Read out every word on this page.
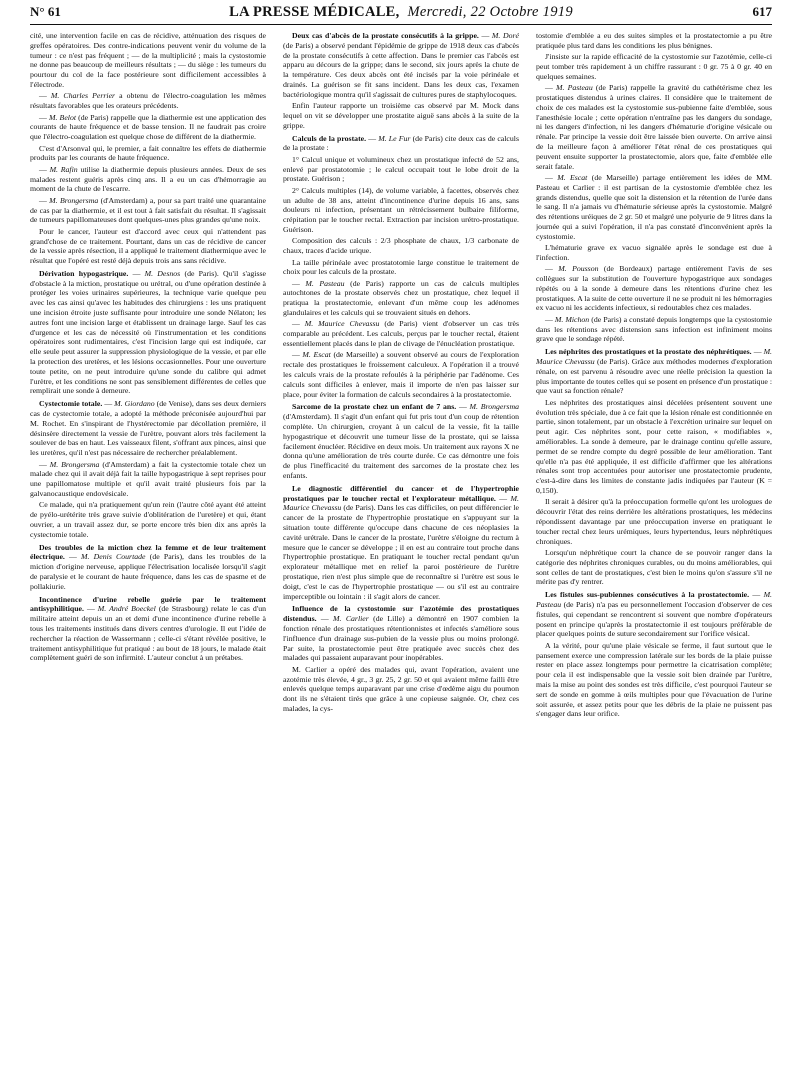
N° 61	LA PRESSE MÉDICALE, Mercredi, 22 Octobre 1919	617

cité, une intervention facile en cas de récidive, atténuation des risques de greffes opératoires. Des contre-indications peuvent venir du volume de la tumeur : ce n'est pas fréquent ; — de la multiplicité ; mais la cystostomie ne donne pas beaucoup de meilleurs résultats ; — du siège : les tumeurs du pourtour du col de la face postérieure sont difficilement accessibles à l'électrode.

— M. Charles Perrier a obtenu de l'électro-coagulation les mêmes résultats favorables que les orateurs précédents.

— M. Belot (de Paris) rappelle que la diathermie est une application des courants de haute fréquence et de basse tension. Il ne faudrait pas croire que l'électro-coagulation est quelque chose de différent de la diathermie.

C'est d'Arsonval qui, le premier, a fait connaître les effets de diathermie produits par les courants de haute fréquence.

— M. Rafin utilise la diathermie depuis plusieurs années. Deux de ses malades restent guéris après cinq ans. Il a eu un cas d'hémorragie au moment de la chute de l'escarre.

— M. Brongersma (d'Amsterdam) a, pour sa part traité une quarantaine de cas par la diathermie, et il est tout à fait satisfait du résultat. Il s'agissait de tumeurs papillomateuses dont quelques-unes plus grandes qu'une noix.

Pour le cancer, l'auteur est d'accord avec ceux qui n'attendent pas grand'chose de ce traitement. Pourtant, dans un cas de récidive de cancer de la vessie après résection, il a appliqué le traitement diathermique avec le résultat que l'opéré est resté déjà depuis trois ans sans récidive.

Dérivation hypogastrique. — M. Desnos (de Paris). Qu'il s'agisse d'obstacle à la miction, prostatique ou urétral, ou d'une opération destinée à protéger les voies urinaires supérieures, la technique varie quelque peu avec les cas ainsi qu'avec les habitudes des chirurgiens : les uns pratiquent une incision étroite juste suffisante pour introduire une sonde Nélaton; les autres font une incision large et établissent un drainage large. Sauf les cas d'urgence et les cas de nécessité où l'instrumentation et les conditions opératoires sont rudimentaires, c'est l'incision large qui est indiquée, car elle seule peut assurer la suppression physiologique de la vessie, et par elle la protection des uretères, et les lésions occasionnelles. Pour une ouverture toute petite, on ne peut introduire qu'une sonde du calibre qui admet l'urètre, et les conditions ne sont pas sensiblement différentes de celles que remplirait une sonde à demeure.

Cystectomie totale. — M. Giordano (de Venise), dans ses deux derniers cas de cystectomie totale, a adopté la méthode préconisée aujourd'hui par M. Rochet. En s'inspirant de l'hystérectomie par décollation première, il désinsère directement la vessie de l'urètre, pouvant alors très facilement la soulever de bas en haut. Les vaisseaux filent, s'offrant aux pinces, ainsi que les uretères, qu'il n'est pas nécessaire de rechercher préalablement.

— M. Brongersma (d'Amsterdam) a fait la cystectomie totale chez un malade chez qui il avait déjà fait la taille hypogastrique à sept reprises pour une papillomatose multiple et qu'il avait traité plusieurs fois par la galvanocaustique endovésicale.

Ce malade, qui n'a pratiquement qu'un rein (l'autre côté ayant été atteint de pyélo-urétérite très grave suivie d'oblitération de l'uretère) et qui, étant ouvrier, a un travail assez dur, se porte encore très bien dix ans après la cystectomie totale.

Des troubles de la miction chez la femme et de leur traitement électrique. — M. Denis Courtade (de Paris), dans les troubles de la miction d'origine nerveuse, applique l'électrisation localisée lorsqu'il s'agit de paralysie et le courant de haute fréquence, dans les cas de spasme et de pollakiurie.

Incontinence d'urine rebelle guérie par le traitement antisyphilitique. — M. André Boeckel (de Strasbourg) relate le cas d'un militaire atteint depuis un an et demi d'une incontinence d'urine rebelle à tous les traitements institués dans divers centres d'urologie. Il eut l'idée de rechercher la réaction de Wassermann ; celle-ci s'étant révélée positive, le traitement antisyphilitique fut pratiqué : au bout de 18 jours, le malade était complètement guéri de son infirmité. L'auteur conclut à un prétabes.

Deux cas d'abcès de la prostate consécutifs à la grippe. — M. Doré (de Paris) a observé pendant l'épidémie de grippe de 1918 deux cas d'abcès de la prostate consécutifs à cette affection. Dans le premier cas l'abcès est apparu au décours de la grippe; dans le second, six jours après la chute de la température. Ces deux abcès ont été incisés par la voie périnéale et drainés. La guérison se fit sans incident. Dans les deux cas, l'examen bactériologique montra qu'il s'agissait de cultures pures de staphylocoques.

Enfin l'auteur rapporte un troisième cas observé par M. Mock dans lequel on vit se développer une prostatite aiguë sans abcès à la suite de la grippe.

Calculs de la prostate. — M. Le Fur (de Paris) cite deux cas de calculs de la prostate :

1° Calcul unique et volumineux chez un prostatique infecté de 52 ans, enlevé par prostatotomie ; le calcul occupait tout le lobe droit de la prostate. Guérison ;

2° Calculs multiples (14), de volume variable, à facettes, observés chez un adulte de 38 ans, atteint d'incontinence d'urine depuis 16 ans, sans douleurs ni infection, présentant un rétrécissement bulbaire filiforme, crépitation par le toucher rectal. Extraction par incision urétro-prostatique. Guérison.

Composition des calculs : 2/3 phosphate de chaux, 1/3 carbonate de chaux, traces d'acide urique.

La taille périnéale avec prostatotomie large constitue le traitement de choix pour les calculs de la prostate.

— M. Pasteau (de Paris) rapporte un cas de calculs multiples autochtones de la prostate observés chez un prostatique, chez lequel il pratiqua la prostatectomie, enlevant d'un même coup les adénomes glandulaires et les calculs qui se trouvaient situés en dehors.

— M. Maurice Chevassu (de Paris) vient d'observer un cas très comparable au précédent. Les calculs, perçus par le toucher rectal, étaient essentiellement placés dans le plan de clivage de l'énucléation prostatique.

— M. Escat (de Marseille) a souvent observé au cours de l'exploration rectale des prostatiques le froissement calculeux. A l'opération il a trouvé les calculs vrais de la prostate refoulés à la périphérie par l'adénome. Ces calculs sont difficiles à enlever, mais il importe de n'en pas laisser sur place, pour éviter la formation de calculs secondaires à la prostatectomie.

Sarcome de la prostate chez un enfant de 7 ans. — M. Brongersma (d'Amsterdam). Il s'agit d'un enfant qui fut pris tout d'un coup de rétention complète. Un chirurgien, croyant à un calcul de la vessie, fit la taille hypogastrique et découvrit une tumeur lisse de la prostate, qui se laissa facilement énucléer. Récidive en deux mois. Un traitement aux rayons X ne donna qu'une amélioration de très courte durée. Ce cas démontre une fois de plus l'inefficacité du traitement des sarcomes de la prostate chez les enfants.

Le diagnostic différentiel du cancer et de l'hypertrophie prostatiques par le toucher rectal et l'explorateur métallique. — M. Maurice Chevassu (de Paris). Dans les cas difficiles, on peut différencier le cancer de la prostate de l'hypertrophie prostatique en s'appuyant sur la situation toute différente qu'occupe dans chacune de ces néoplasies la cavité urétrale. Dans le cancer de la prostate, l'urètre s'éloigne du rectum à mesure que le cancer se développe ; il en est au contraire tout proche dans l'hypertrophie prostatique. En pratiquant le toucher rectal pendant qu'un explorateur métallique met en relief la paroi postérieure de l'urètre prostatique, rien n'est plus simple que de reconnaître si l'urètre est sous le doigt, c'est le cas de l'hypertrophie prostatique — ou s'il est au contraire imperceptible ou lointain : il s'agit alors de cancer.

Influence de la cystostomie sur l'azotémie des prostatiques distendus. — M. Carlier (de Lille) a démontré en 1907 combien la fonction rénale des prostatiques rétentionnistes et infectés s'améliore sous l'influence d'un drainage sus-pubien de la vessie plus ou moins prolongé. Par suite, la prostatectomie peut être pratiquée avec succès chez des malades qui passaient auparavant pour inopérables.

M. Carlier a opéré des malades qui, avant l'opération, avaient une azotémie très élevée, 4 gr., 3 gr. 25, 2 gr. 50 et qui avaient même failli être enlevés quelque temps auparavant par une crise d'œdème aigu du poumon dont ils ne s'étaient tirés que grâce à une copieuse saignée. Or, chez ces malades, la cys-

tostomie d'emblée a eu des suites simples et la prostatectomie a pu être pratiquée plus tard dans les conditions les plus bénignes.

J'insiste sur la rapide efficacité de la cystostomie sur l'azotémie, celle-ci peut tomber très rapidement à un chiffre rassurant : 0 gr. 75 à 0 gr. 40 en quelques semaines.

— M. Pasteau (de Paris) rappelle la gravité du cathétérisme chez les prostatiques distendus à urines claires. Il considère que le traitement de choix de ces malades est la cystostomie sus-pubienne faite d'emblée, sous l'anesthésie locale ; cette opération n'entraîne pas les dangers du sondage, ni les dangers d'infection, ni les dangers d'hématurie d'origine vésicale ou rénale. Par principe la vessie doit être laissée bien ouverte. On arrive ainsi de la meilleure façon à améliorer l'état rénal de ces prostatiques qui peuvent ensuite supporter la prostatectomie, alors que, faite d'emblée elle serait fatale.

— M. Escat (de Marseille) partage entièrement les idées de MM. Pasteau et Carlier : il est partisan de la cystostomie d'emblée chez les grands distendus, quelle que soit la distension et la rétention de l'urée dans le sang. Il n'a jamais vu d'hématurie sérieuse après la cystostomie. Malgré des rétentions uréiques de 2 gr. 50 et malgré une polyurie de 9 litres dans la journée qui a suivi l'opération, il n'a pas constaté d'inconvénient après la cystostomie.

L'hématurie grave ex vacuo signalée après le sondage est due à l'infection.

— M. Pousson (de Bordeaux) partage entièrement l'avis de ses collègues sur la substitution de l'ouverture hypogastrique aux sondages répétés ou à la sonde à demeure dans les rétentions d'urine chez les prostatiques. A la suite de cette ouverture il ne se produit ni les hémorragies ex vacuo ni les accidents infectieux, si redoutables chez ces malades.

— M. Michon (de Paris) a constaté depuis longtemps que la cystostomie dans les rétentions avec distension sans infection est infiniment moins grave que le sondage répété.

Les néphrites des prostatiques et la prostate des néphrétiques. — M. Maurice Chevassu (de Paris). Grâce aux méthodes modernes d'exploration rénale, on est parvenu à résoudre avec une réelle précision la question la plus importante de toutes celles qui se posent en présence d'un prostatique : que vaut sa fonction rénale?

Les néphrites des prostatiques ainsi décelées présentent souvent une évolution très spéciale, due à ce fait que la lésion rénale est conditionnée en partie, sinon totalement, par un obstacle à l'excrétion urinaire sur lequel on peut agir. Ces néphrites sont, pour cette raison, « modifiables », améliorables. La sonde à demeure, par le drainage continu qu'elle assure, permet de se rendre compte du degré possible de leur amélioration. Tant qu'elle n'a pas été appliquée, il est difficile d'affirmer que les altérations rénales sont trop accentuées pour autoriser une prostatectomie prudente, c'est-à-dire dans les limites de constante jadis indiquées par l'auteur (K = 0,150).

Il serait à désirer qu'à la préoccupation formelle qu'ont les urologues de découvrir l'état des reins derrière les altérations prostatiques, les médecins répondissent davantage par une préoccupation inverse en pratiquant le toucher rectal chez leurs urémiques, leurs hypertendus, leurs néphrétiques chroniques.

Lorsqu'un néphrétique court la chance de se pouvoir ranger dans la catégorie des néphrites chroniques curables, ou du moins améliorables, qui sont celles de tant de prostatiques, c'est bien le moins qu'on s'assure s'il ne mérite pas d'y rentrer.

Les fistules sus-pubiennes consécutives à la prostatectomie. — M. Pasteau (de Paris) n'a pas eu personnellement l'occasion d'observer de ces fistules, qui cependant se rencontrent si souvent que nombre d'opérateurs posent en principe qu'après la prostatectomie il est toujours préférable de placer quelques points de suture secondairement sur l'orifice vésical.

A la vérité, pour qu'une plaie vésicale se ferme, il faut surtout que le pansement exerce une compression latérale sur les bords de la plaie puisse rester en place assez longtemps pour permettre la cicatrisation complète; pour cela il est indispensable que la vessie soit bien drainée par l'urètre, mais la mise au point des sondes est très difficile, c'est pourquoi l'auteur se sert de sonde en gomme à œils multiples pour que l'évacuation de l'urine soit assurée, et assez petits pour que les débris de la plaie ne puissent pas s'engager dans leur orifice.
